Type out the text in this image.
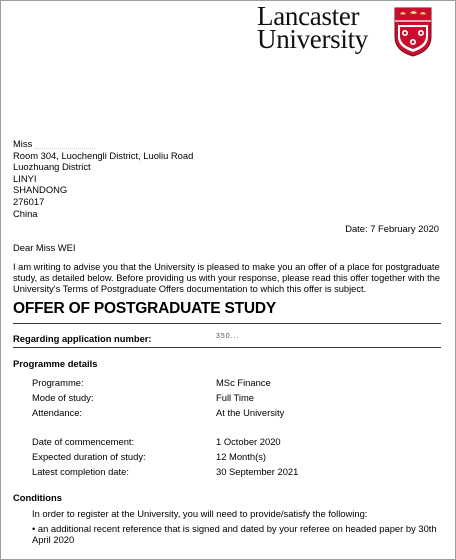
Lancaster
University
Miss
Room 304, Luochengli District, Luoliu Road
Luozhuang District
LINYI
SHANDONG
276017
China
Date: 7 February 2020
Dear Miss WEI
I am writing to advise you that the University is pleased to make you an offer of a place for postgraduate study, as detailed below. Before providing us with your response, please read this offer together with the University's Terms of Postgraduate Offers documentation to which this offer is subject.
OFFER OF POSTGRADUATE STUDY
Regarding application number:	350...
Programme details
Programme:	MSc Finance
Mode of study:	Full Time
Attendance:	At the University
Date of commencement:	1 October 2020
Expected duration of study:	12 Month(s)
Latest completion date:	30 September 2021
Conditions
In order to register at the University, you will need to provide/satisfy the following:
• an additional recent reference that is signed and dated by your referee on headed paper by 30th April 2020
